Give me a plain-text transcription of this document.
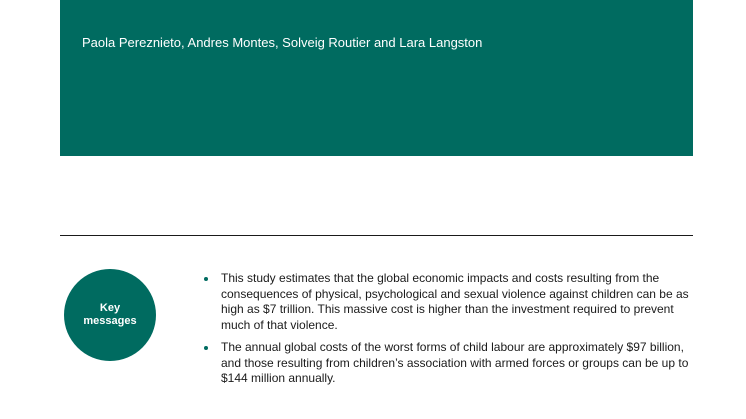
Paola Pereznieto, Andres Montes, Solveig Routier and Lara Langston
Key
messages
This study estimates that the global economic impacts and costs resulting from the consequences of physical, psychological and sexual violence against children can be as high as $7 trillion. This massive cost is higher than the investment required to prevent much of that violence.
The annual global costs of the worst forms of child labour are approximately $97 billion, and those resulting from children’s association with armed forces or groups can be up to $144 million annually.
